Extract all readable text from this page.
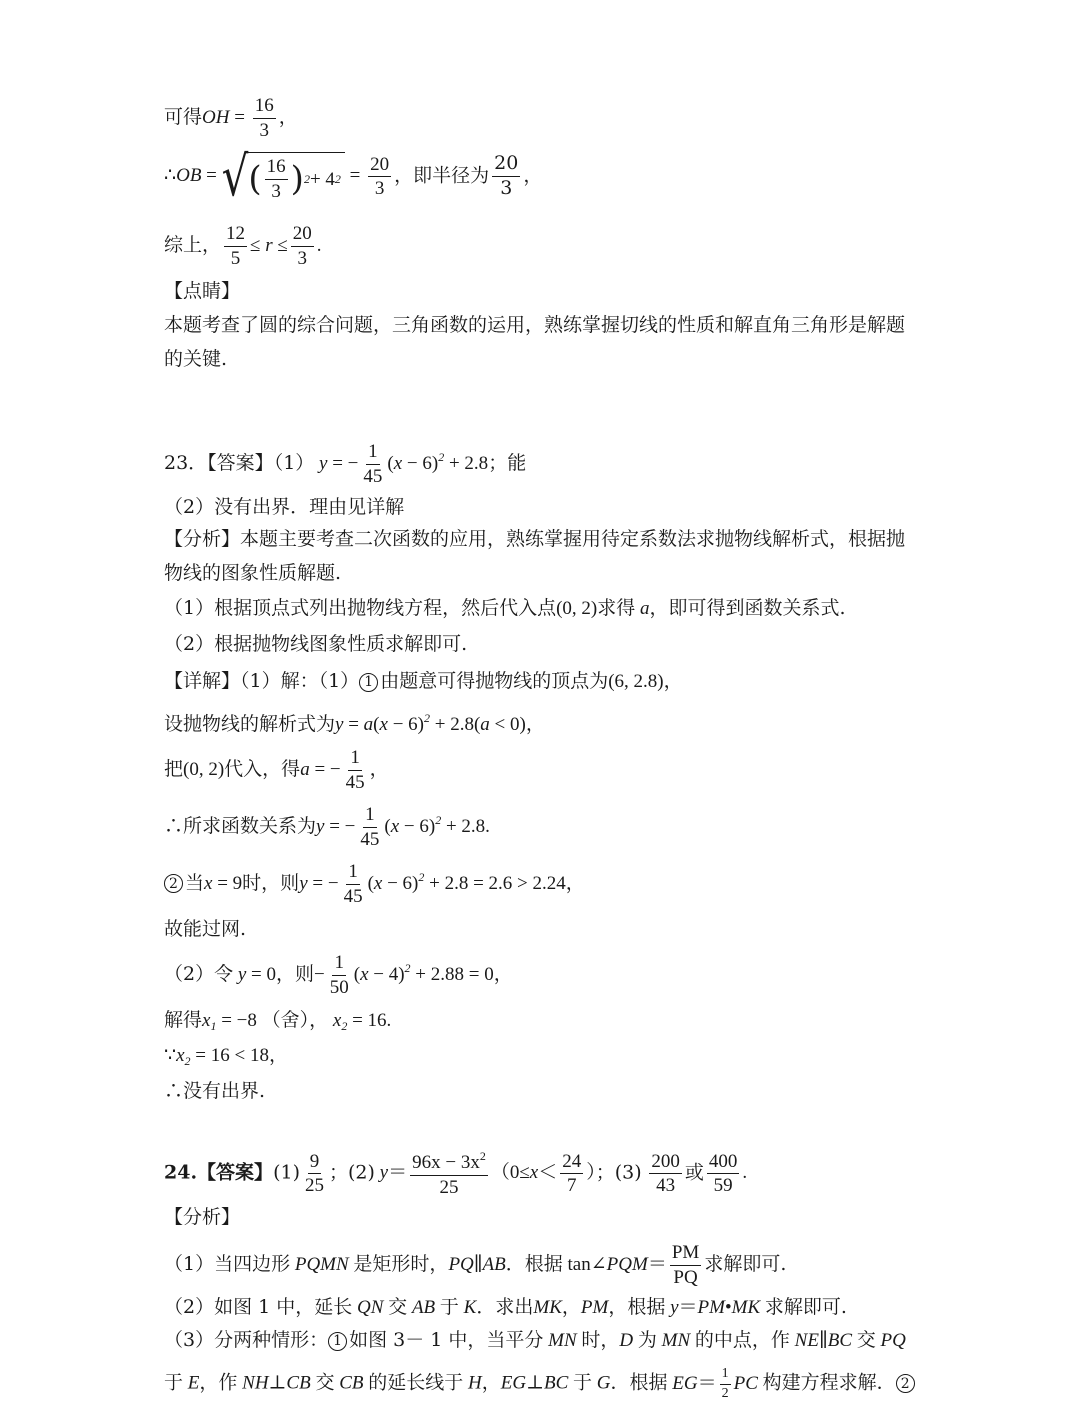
可得OH = $\frac{16}{3}$ ，
∴OB = √ ( $\frac{16}{3}$ ) 2 + 4 $2 = \frac{20}{3}$ ，即半径为 $\frac{20}{3}$ ，
综上， $\frac{12}{5} \le r \le \frac{20}{3}$ .
【点睛】
本题考查了圆的综合问题，三角函数的运用，熟练掌握切线的性质和解直角三角形是解题
的关键.
23．【答案】（1） y = − $\frac{1}{45} (x - 6)^2 + 2.8$；能
（2）没有出界．理由见详解
【分析】本题主要考查二次函数的应用，熟练掌握用待定系数法求抛物线解析式，根据抛
物线的图象性质解题.
（1）根据顶点式列出抛物线方程，然后代入点(0, 2)求得 a，即可得到函数关系式.
（2）根据抛物线图象性质求解即可.
【详解】（1）解：（1） 1 由题意可得抛物线的顶点为(6, 2.8)，
设抛物线的解析式为$y = a(x - 6)^2 + 2.8(a < 0)$，
把(0, 2)代入，得a = − $\frac{1}{45}$ ，
∴所求函数关系为y = − $\frac{1}{45} (x - 6)^2 + 2.8$.
2 当x = 9时，则y = − $\frac{1}{45} (x - 6)^2 + 2.8 = 2.6 > 2.24$，
故能过网.
（2）令 y = 0，则− $\frac{1}{50} (x - 4)^2 + 2.88 = 0$，
解得$x_1 = -8$ （舍）， $x_2 = 16$.
$\because x_2 = 16 < 18$，
∴没有出界.
24.【答案】$(1) \frac{9}{25}$ ；(2) $y= \frac{96x - 3x^2}{25} (0\le x< \frac{24}{7}$ ）；$(3) \frac{200}{43}$ 或 $\frac{400}{59}$ .
【分析】
（1）当四边形 PQMN 是矩形时，PQ∥AB．根据 tan∠PQM＝ $\frac{PM}{PQ}$ 求解即可.
（2）如图 1 中，延长 QN 交 AB 于 K．求出MK，PM，根据 y＝PM•MK 求解即可.
（3）分两种情形： 1 如图 3－ 1 中，当平分 MN 时，D 为 MN 的中点，作 NE∥BC 交 PQ
于 E，作 NH⊥CB 交 CB 的延长线于 H，EG⊥BC 于 G．根据 $EG= \frac{1}{2}$ PC 构建方程求解． 2
